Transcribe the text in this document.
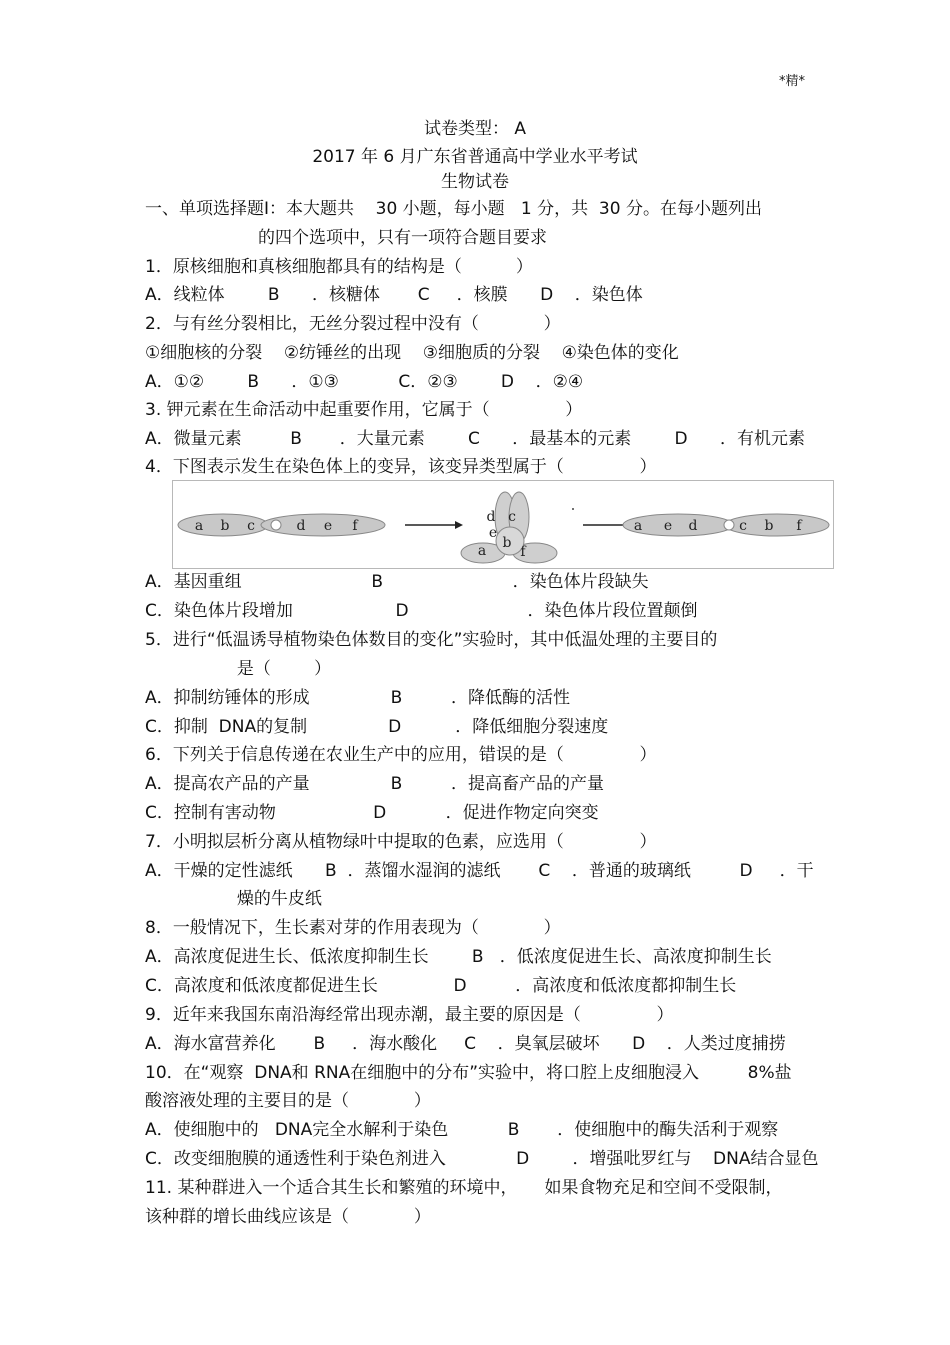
*精*
试卷类型： A
2017 年 6 月广东省普通高中学业水平考试
生物试卷
一、单项选择题Ⅰ：本大题共    30 小题，每小题   1 分，共  30 分。在每小题列出
的四个选项中，只有一项符合题目要求
1．原核细胞和真核细胞都具有的结构是（          ）
A．线粒体        B      ．核糖体       C     ．核膜      D    ．染色体
2．与有丝分裂相比，无丝分裂过程中没有（            ）
①细胞核的分裂    ②纺锤丝的出现    ③细胞质的分裂    ④染色体的变化
A．①②        B      ．①③           C．②③        D    ．②④
3. 钾元素在生命活动中起重要作用，它属于（              ）
A．微量元素         B       ．大量元素        C      ．最基本的元素        D      ．有机元素
4．下图表示发生在染色体上的变异，该变异类型属于（              ）
a b c	d e f
d c
e
b
a f
a e d	c b f
A．基因重组                        B                        ．染色体片段缺失
C．染色体片段增加                   D                      ．染色体片段位置颠倒
5．进行“低温诱导植物染色体数目的变化”实验时，其中低温处理的主要目的
是（        ）
A．抑制纺锤体的形成               B         ．降低酶的活性
C．抑制  DNA的复制               D          ．降低细胞分裂速度
6．下列关于信息传递在农业生产中的应用，错误的是（              ）
A．提高农产品的产量               B         ．提高畜产品的产量
C．控制有害动物                  D           ．促进作物定向突变
7．小明拟层析分离从植物绿叶中提取的色素，应选用（              ）
A．干燥的定性滤纸      B  ．蒸馏水湿润的滤纸       C    ．普通的玻璃纸         D     ．干
燥的牛皮纸
8．一般情况下，生长素对芽的作用表现为（            ）
A．高浓度促进生长、低浓度抑制生长        B   ．低浓度促进生长、高浓度抑制生长
C．高浓度和低浓度都促进生长              D         ．高浓度和低浓度都抑制生长
9．近年来我国东南沿海经常出现赤潮，最主要的原因是（              ）
A．海水富营养化       B     ．海水酸化     C    ．臭氧层破坏      D    ．人类过度捕捞
10．在“观察  DNA和 RNA在细胞中的分布”实验中，将口腔上皮细胞浸入         8%盐
酸溶液处理的主要目的是（            ）
A．使细胞中的   DNA完全水解利于染色           B       ．使细胞中的酶失活利于观察
C．改变细胞膜的通透性利于染色剂进入             D        ．增强吡罗红与    DNA结合显色
11. 某种群进入一个适合其生长和繁殖的环境中，     如果食物充足和空间不受限制，
该种群的增长曲线应该是（            ）
